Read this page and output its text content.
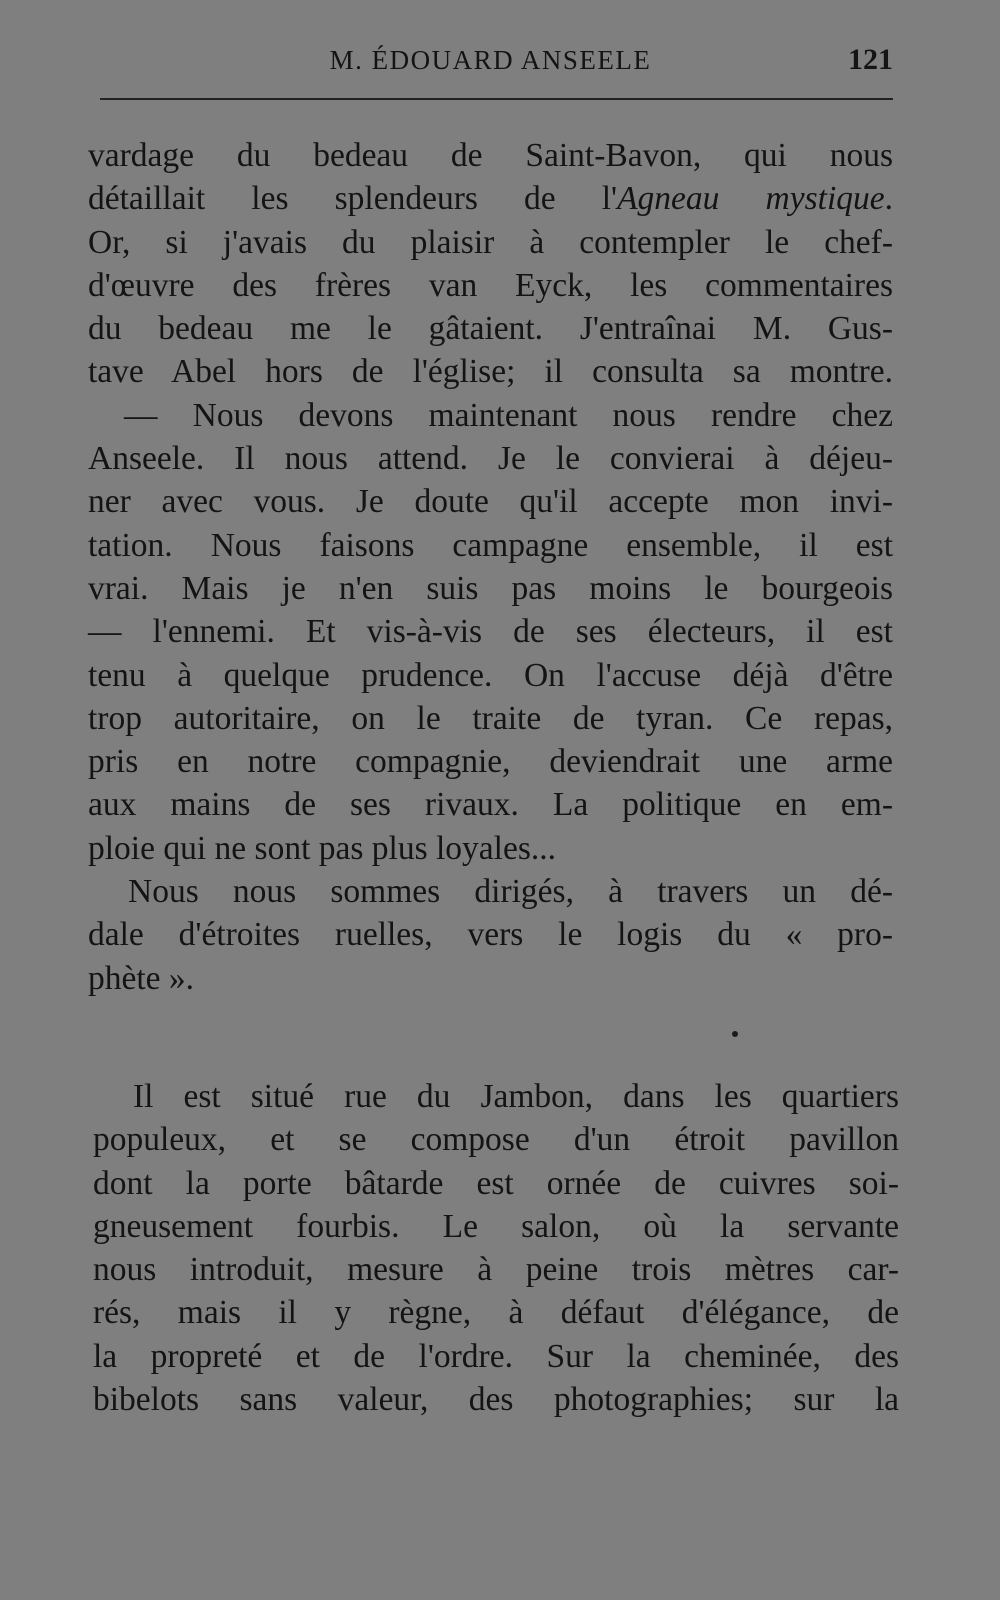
M. ÉDOUARD ANSEELE	121
vardage du bedeau de Saint-Bavon, qui nous
détaillait les splendeurs de l'Agneau mystique.
Or, si j'avais du plaisir à contempler le chef-
d'œuvre des frères van Eyck, les commentaires
du bedeau me le gâtaient. J'entraînai M. Gus-
tave Abel hors de l'église; il consulta sa montre.
— Nous devons maintenant nous rendre chez
Anseele. Il nous attend. Je le convierai à déjeu-
ner avec vous. Je doute qu'il accepte mon invi-
tation. Nous faisons campagne ensemble, il est
vrai. Mais je n'en suis pas moins le bourgeois
— l'ennemi. Et vis-à-vis de ses électeurs, il est
tenu à quelque prudence. On l'accuse déjà d'être
trop autoritaire, on le traite de tyran. Ce repas,
pris en notre compagnie, deviendrait une arme
aux mains de ses rivaux. La politique en em-
ploie qui ne sont pas plus loyales...
Nous nous sommes dirigés, à travers un dé-
dale d'étroites ruelles, vers le logis du « pro-
phète ».
Il est situé rue du Jambon, dans les quartiers
populeux, et se compose d'un étroit pavillon
dont la porte bâtarde est ornée de cuivres soi-
gneusement fourbis. Le salon, où la servante
nous introduit, mesure à peine trois mètres car-
rés, mais il y règne, à défaut d'élégance, de
la propreté et de l'ordre. Sur la cheminée, des
bibelots sans valeur, des photographies; sur la
